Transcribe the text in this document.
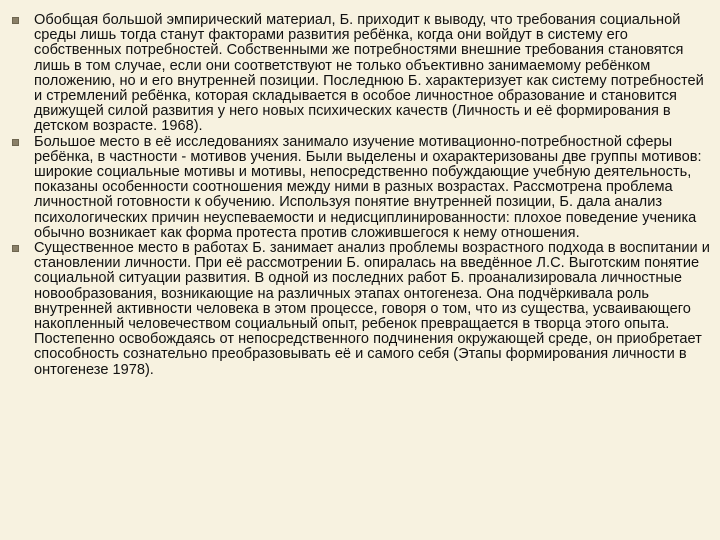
Обобщая большой эмпирический материал, Б. приходит к выводу, что требования социальной среды лишь тогда станут факторами развития ребёнка, когда они войдут в систему его собственных потребностей. Собственными же потребностями внешние требования становятся лишь в том случае, если они соответствуют не только объективно занимаемому ребёнком положению, но и его внутренней позиции. Последнюю Б. характеризует как систему потребностей и стремлений ребёнка, которая складывается в особое личностное образование и становится движущей силой развития у него новых психических качеств (Личность и её формирования в детском возрасте. 1968).
Большое место в её исследованиях занимало изучение мотивационно-потребностной сферы ребёнка, в частности - мотивов учения. Были выделены и охарактеризованы две группы мотивов: широкие социальные мотивы и мотивы, непосредственно побуждающие учебную деятельность, показаны особенности соотношения между ними в разных возрастах. Рассмотрена проблема личностной готовности к обучению. Используя понятие внутренней позиции, Б. дала анализ психологических причин неуспеваемости и недисциплинированности: плохое поведение ученика обычно возникает как форма протеста против сложившегося к нему отношения.
Существенное место в работах Б. занимает анализ проблемы возрастного подхода в воспитании и становлении личности. При её рассмотрении Б. опиралась на введённое Л.С. Выготским понятие социальной ситуации развития. В одной из последних работ Б. проанализировала личностные новообразования, возникающие на различных этапах онтогенеза. Она подчёркивала роль внутренней активности человека в этом процессе, говоря о том, что из существа, усваивающего накопленный человечеством социальный опыт, ребенок превращается в творца этого опыта. Постепенно освобождаясь от непосредственного подчинения окружающей среде, он приобретает способность сознательно преобразовывать её и самого себя (Этапы формирования личности в онтогенезе 1978).
